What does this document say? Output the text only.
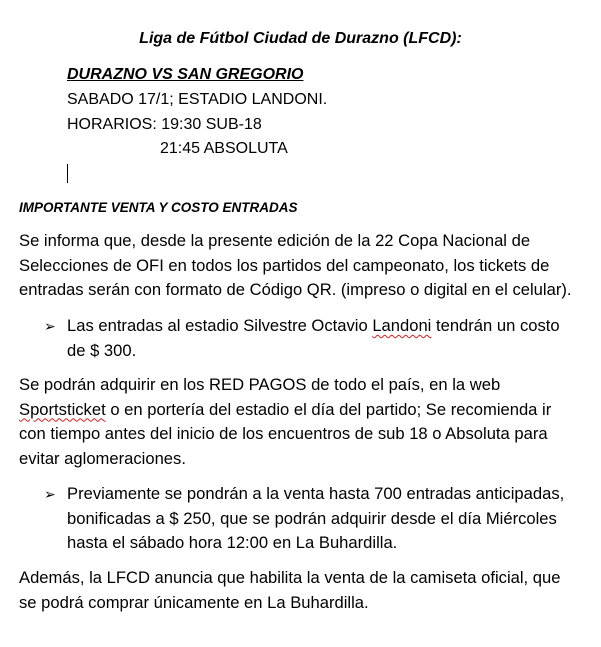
Liga de Fútbol Ciudad de Durazno (LFCD):
DURAZNO VS SAN GREGORIO
SABADO 17/1; ESTADIO LANDONI.
HORARIOS: 19:30 SUB-18
21:45 ABSOLUTA
IMPORTANTE VENTA Y COSTO ENTRADAS
Se informa que, desde la presente edición de la 22 Copa Nacional de
Selecciones de OFI en todos los partidos del campeonato, los tickets de
entradas serán con formato de Código QR. (impreso o digital en el celular).
➢ Las entradas al estadio Silvestre Octavio Landoni tendrán un costo
de $ 300.
Se podrán adquirir en los RED PAGOS de todo el país, en la web
Sportsticket o en portería del estadio el día del partido; Se recomienda ir
con tiempo antes del inicio de los encuentros de sub 18 o Absoluta para
evitar aglomeraciones.
➢ Previamente se pondrán a la venta hasta 700 entradas anticipadas,
bonificadas a $ 250, que se podrán adquirir desde el día Miércoles
hasta el sábado hora 12:00 en La Buhardilla.
Además, la LFCD anuncia que habilita la venta de la camiseta oficial, que
se podrá comprar únicamente en La Buhardilla.
